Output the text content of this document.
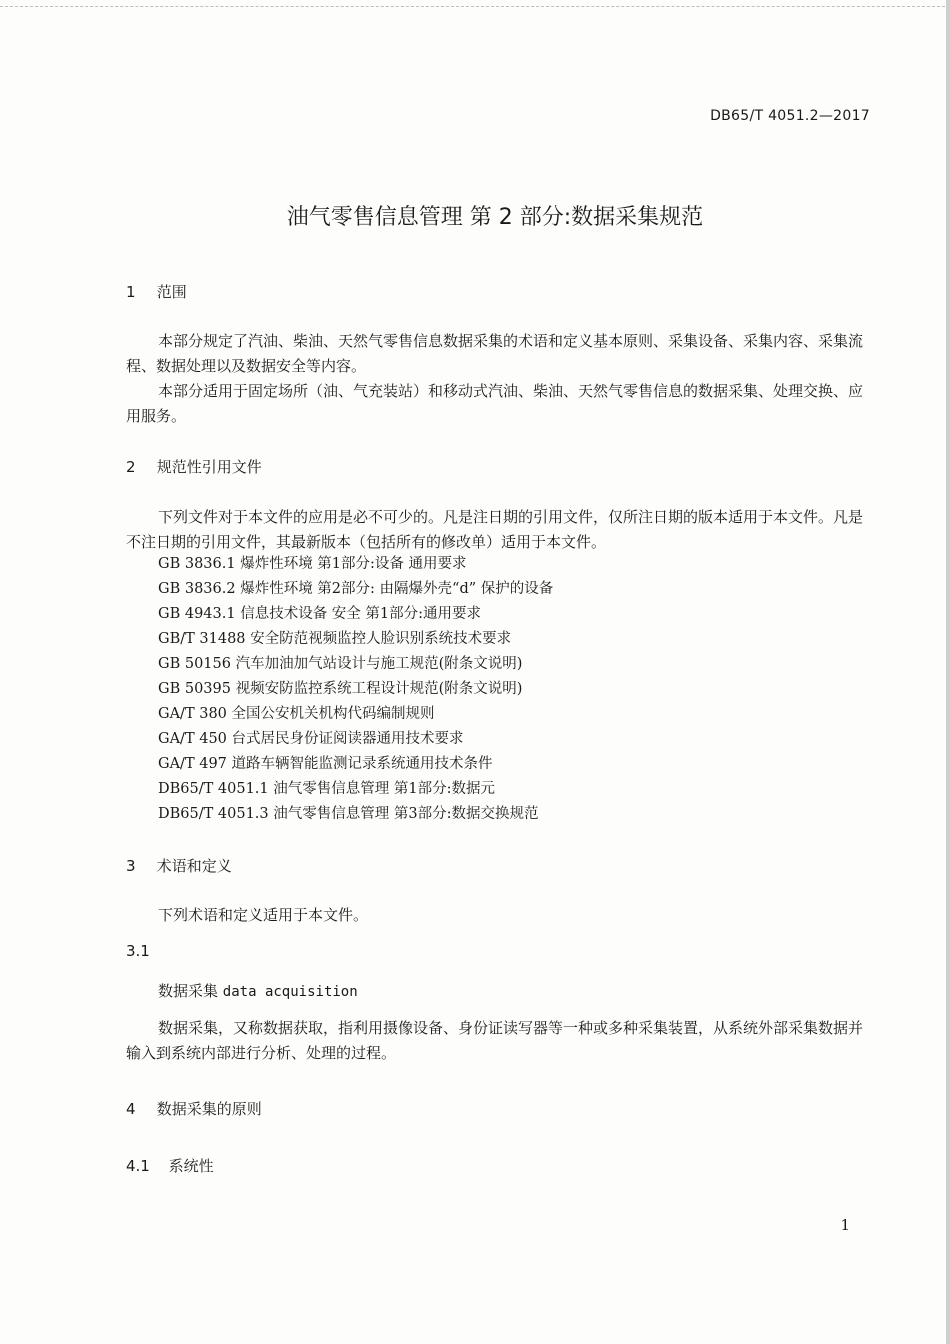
DB65/T 4051.2—2017
油气零售信息管理 第 2 部分:数据采集规范
1 范围
本部分规定了汽油、柴油、天然气零售信息数据采集的术语和定义基本原则、采集设备、采集内容、采集流程、数据处理以及数据安全等内容。
本部分适用于固定场所（油、气充装站）和移动式汽油、柴油、天然气零售信息的数据采集、处理交换、应用服务。
2 规范性引用文件
下列文件对于本文件的应用是必不可少的。凡是注日期的引用文件，仅所注日期的版本适用于本文件。凡是不注日期的引用文件，其最新版本（包括所有的修改单）适用于本文件。
GB 3836.1 爆炸性环境 第1部分:设备 通用要求
GB 3836.2 爆炸性环境 第2部分: 由隔爆外壳“d” 保护的设备
GB 4943.1 信息技术设备 安全 第1部分:通用要求
GB/T 31488 安全防范视频监控人脸识别系统技术要求
GB 50156 汽车加油加气站设计与施工规范(附条文说明)
GB 50395 视频安防监控系统工程设计规范(附条文说明)
GA/T 380 全国公安机关机构代码编制规则
GA/T 450 台式居民身份证阅读器通用技术要求
GA/T 497 道路车辆智能监测记录系统通用技术条件
DB65/T 4051.1 油气零售信息管理 第1部分:数据元
DB65/T 4051.3 油气零售信息管理 第3部分:数据交换规范
3 术语和定义
下列术语和定义适用于本文件。
3.1
数据采集 data acquisition
数据采集，又称数据获取，指利用摄像设备、身份证读写器等一种或多种采集装置，从系统外部采集数据并输入到系统内部进行分析、处理的过程。
4 数据采集的原则
4.1 系统性
1
